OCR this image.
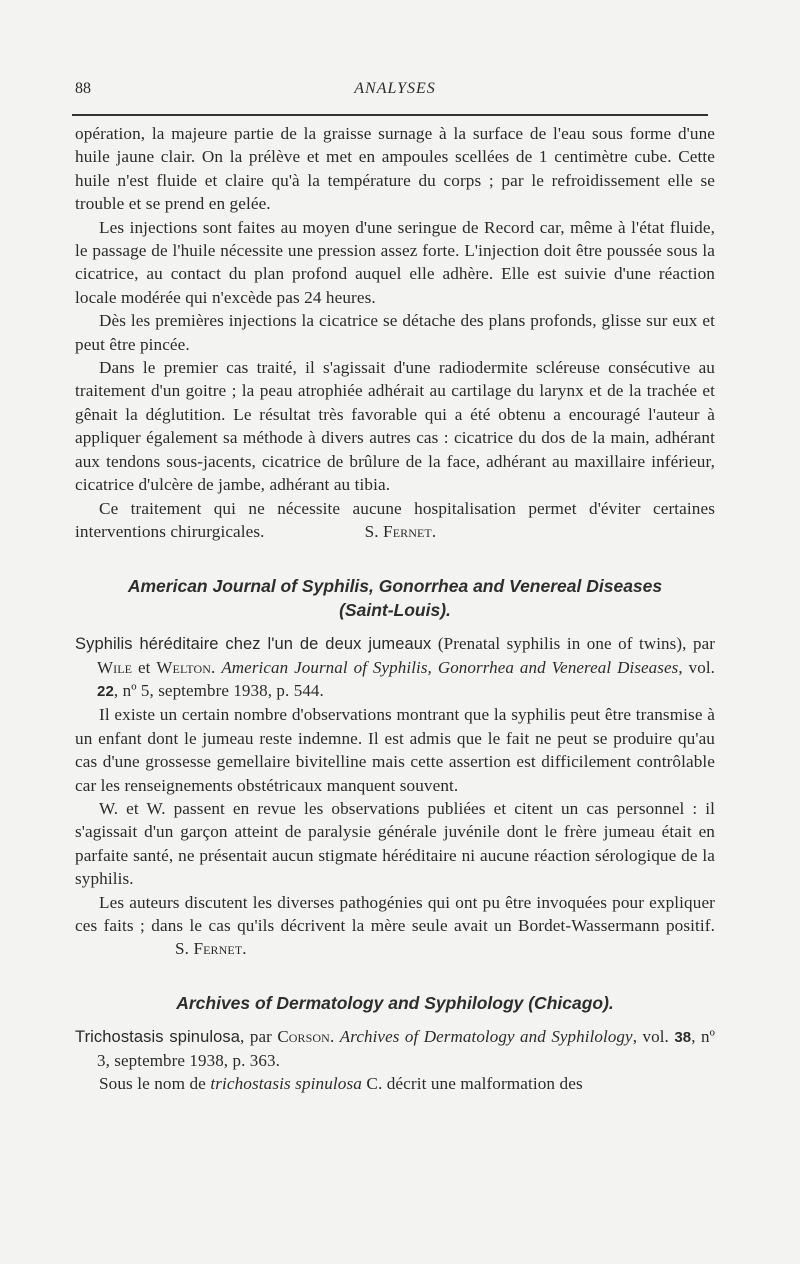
88	ANALYSES

opération, la majeure partie de la graisse surnage à la surface de l'eau sous forme d'une huile jaune clair. On la prélève et met en ampoules scellées de 1 centimètre cube. Cette huile n'est fluide et claire qu'à la température du corps ; par le refroidissement elle se trouble et se prend en gelée.

Les injections sont faites au moyen d'une seringue de Record car, même à l'état fluide, le passage de l'huile nécessite une pression assez forte. L'injection doit être poussée sous la cicatrice, au contact du plan profond auquel elle adhère. Elle est suivie d'une réaction locale modérée qui n'excède pas 24 heures.

Dès les premières injections la cicatrice se détache des plans profonds, glisse sur eux et peut être pincée.

Dans le premier cas traité, il s'agissait d'une radiodermite scléreuse consécutive au traitement d'un goitre ; la peau atrophiée adhérait au cartilage du larynx et de la trachée et gênait la déglutition. Le résultat très favorable qui a été obtenu a encouragé l'auteur à appliquer également sa méthode à divers autres cas : cicatrice du dos de la main, adhérant aux tendons sous-jacents, cicatrice de brûlure de la face, adhérant au maxillaire inférieur, cicatrice d'ulcère de jambe, adhérant au tibia.

Ce traitement qui ne nécessite aucune hospitalisation permet d'éviter certaines interventions chirurgicales.	S. Fernet.

American Journal of Syphilis, Gonorrhea and Venereal Diseases
(Saint-Louis).

Syphilis héréditaire chez l'un de deux jumeaux (Prenatal syphilis in one of twins), par Wile et Welton. American Journal of Syphilis, Gonorrhea and Venereal Diseases, vol. 22, nº 5, septembre 1938, p. 544.

Il existe un certain nombre d'observations montrant que la syphilis peut être transmise à un enfant dont le jumeau reste indemne. Il est admis que le fait ne peut se produire qu'au cas d'une grossesse gemellaire bivitelline mais cette assertion est difficilement contrôlable car les renseignements obstétricaux manquent souvent.

W. et W. passent en revue les observations publiées et citent un cas personnel : il s'agissait d'un garçon atteint de paralysie générale juvénile dont le frère jumeau était en parfaite santé, ne présentait aucun stigmate héréditaire ni aucune réaction sérologique de la syphilis.

Les auteurs discutent les diverses pathogénies qui ont pu être invoquées pour expliquer ces faits ; dans le cas qu'ils décrivent la mère seule avait un Bordet-Wassermann positif.S. Fernet.

Archives of Dermatology and Syphilology (Chicago).

Trichostasis spinulosa, par Corson. Archives of Dermatology and Syphilology, vol. 38, nº 3, septembre 1938, p. 363.

Sous le nom de trichostasis spinulosa C. décrit une malformation des
